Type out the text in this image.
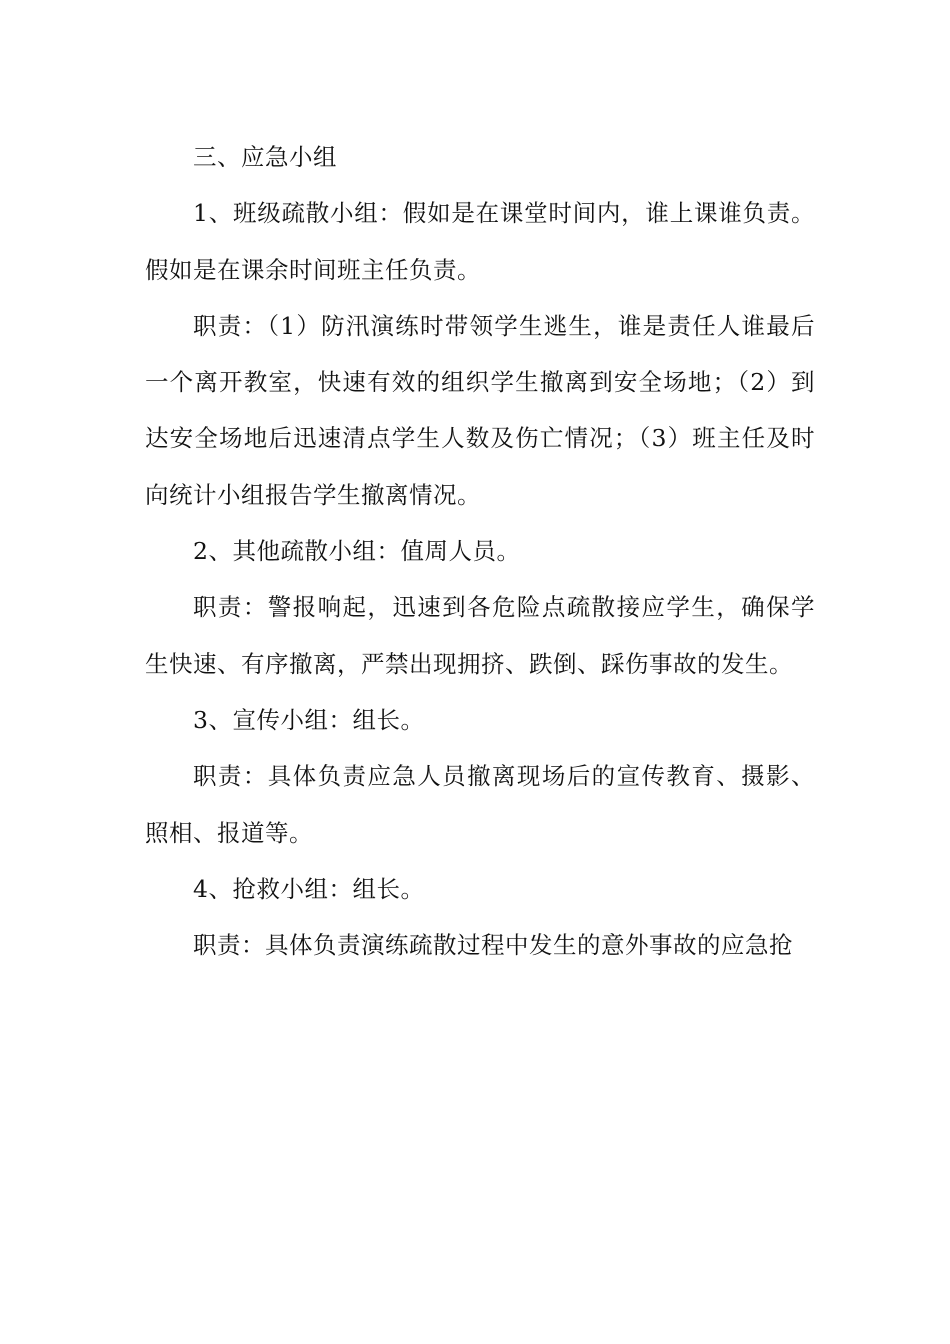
三、应急小组

1、班级疏散小组：假如是在课堂时间内，谁上课谁负责。假如是在课余时间班主任负责。

职责：（1）防汛演练时带领学生逃生，谁是责任人谁最后一个离开教室，快速有效的组织学生撤离到安全场地；（2）到达安全场地后迅速清点学生人数及伤亡情况；（3）班主任及时向统计小组报告学生撤离情况。

2、其他疏散小组：值周人员。

职责：警报响起，迅速到各危险点疏散接应学生，确保学生快速、有序撤离，严禁出现拥挤、跌倒、踩伤事故的发生。

3、宣传小组：组长。

职责：具体负责应急人员撤离现场后的宣传教育、摄影、照相、报道等。

4、抢救小组：组长。

职责：具体负责演练疏散过程中发生的意外事故的应急抢
